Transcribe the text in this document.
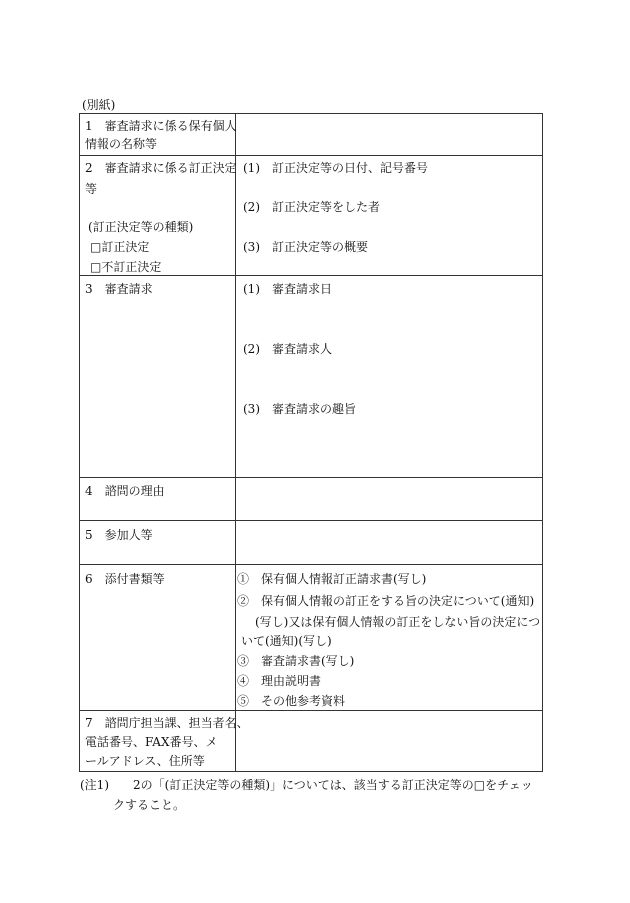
(別紙)
1　審査請求に係る保有個人
情報の名称等
2　審査請求に係る訂正決定
等
(訂正決定等の種類)
□訂正決定
□不訂正決定
(1)　訂正決定等の日付、記号番号
(2)　訂正決定等をした者
(3)　訂正決定等の概要
3　審査請求	(1)　審査請求日
(2)　審査請求人
(3)　審査請求の趣旨
4　諮問の理由
5　参加人等
6　添付書類等	①　保有個人情報訂正請求書(写し)
②　保有個人情報の訂正をする旨の決定について(通知)
(写し)又は保有個人情報の訂正をしない旨の決定につ
いて(通知)(写し)
③　審査請求書(写し)
④　理由説明書
⑤　その他参考資料
7　諮問庁担当課、担当者名、
電話番号、FAX番号、メ
ールアドレス、住所等
(注1)　　2の「(訂正決定等の種類)」については、該当する訂正決定等の□をチェッ
クすること。
